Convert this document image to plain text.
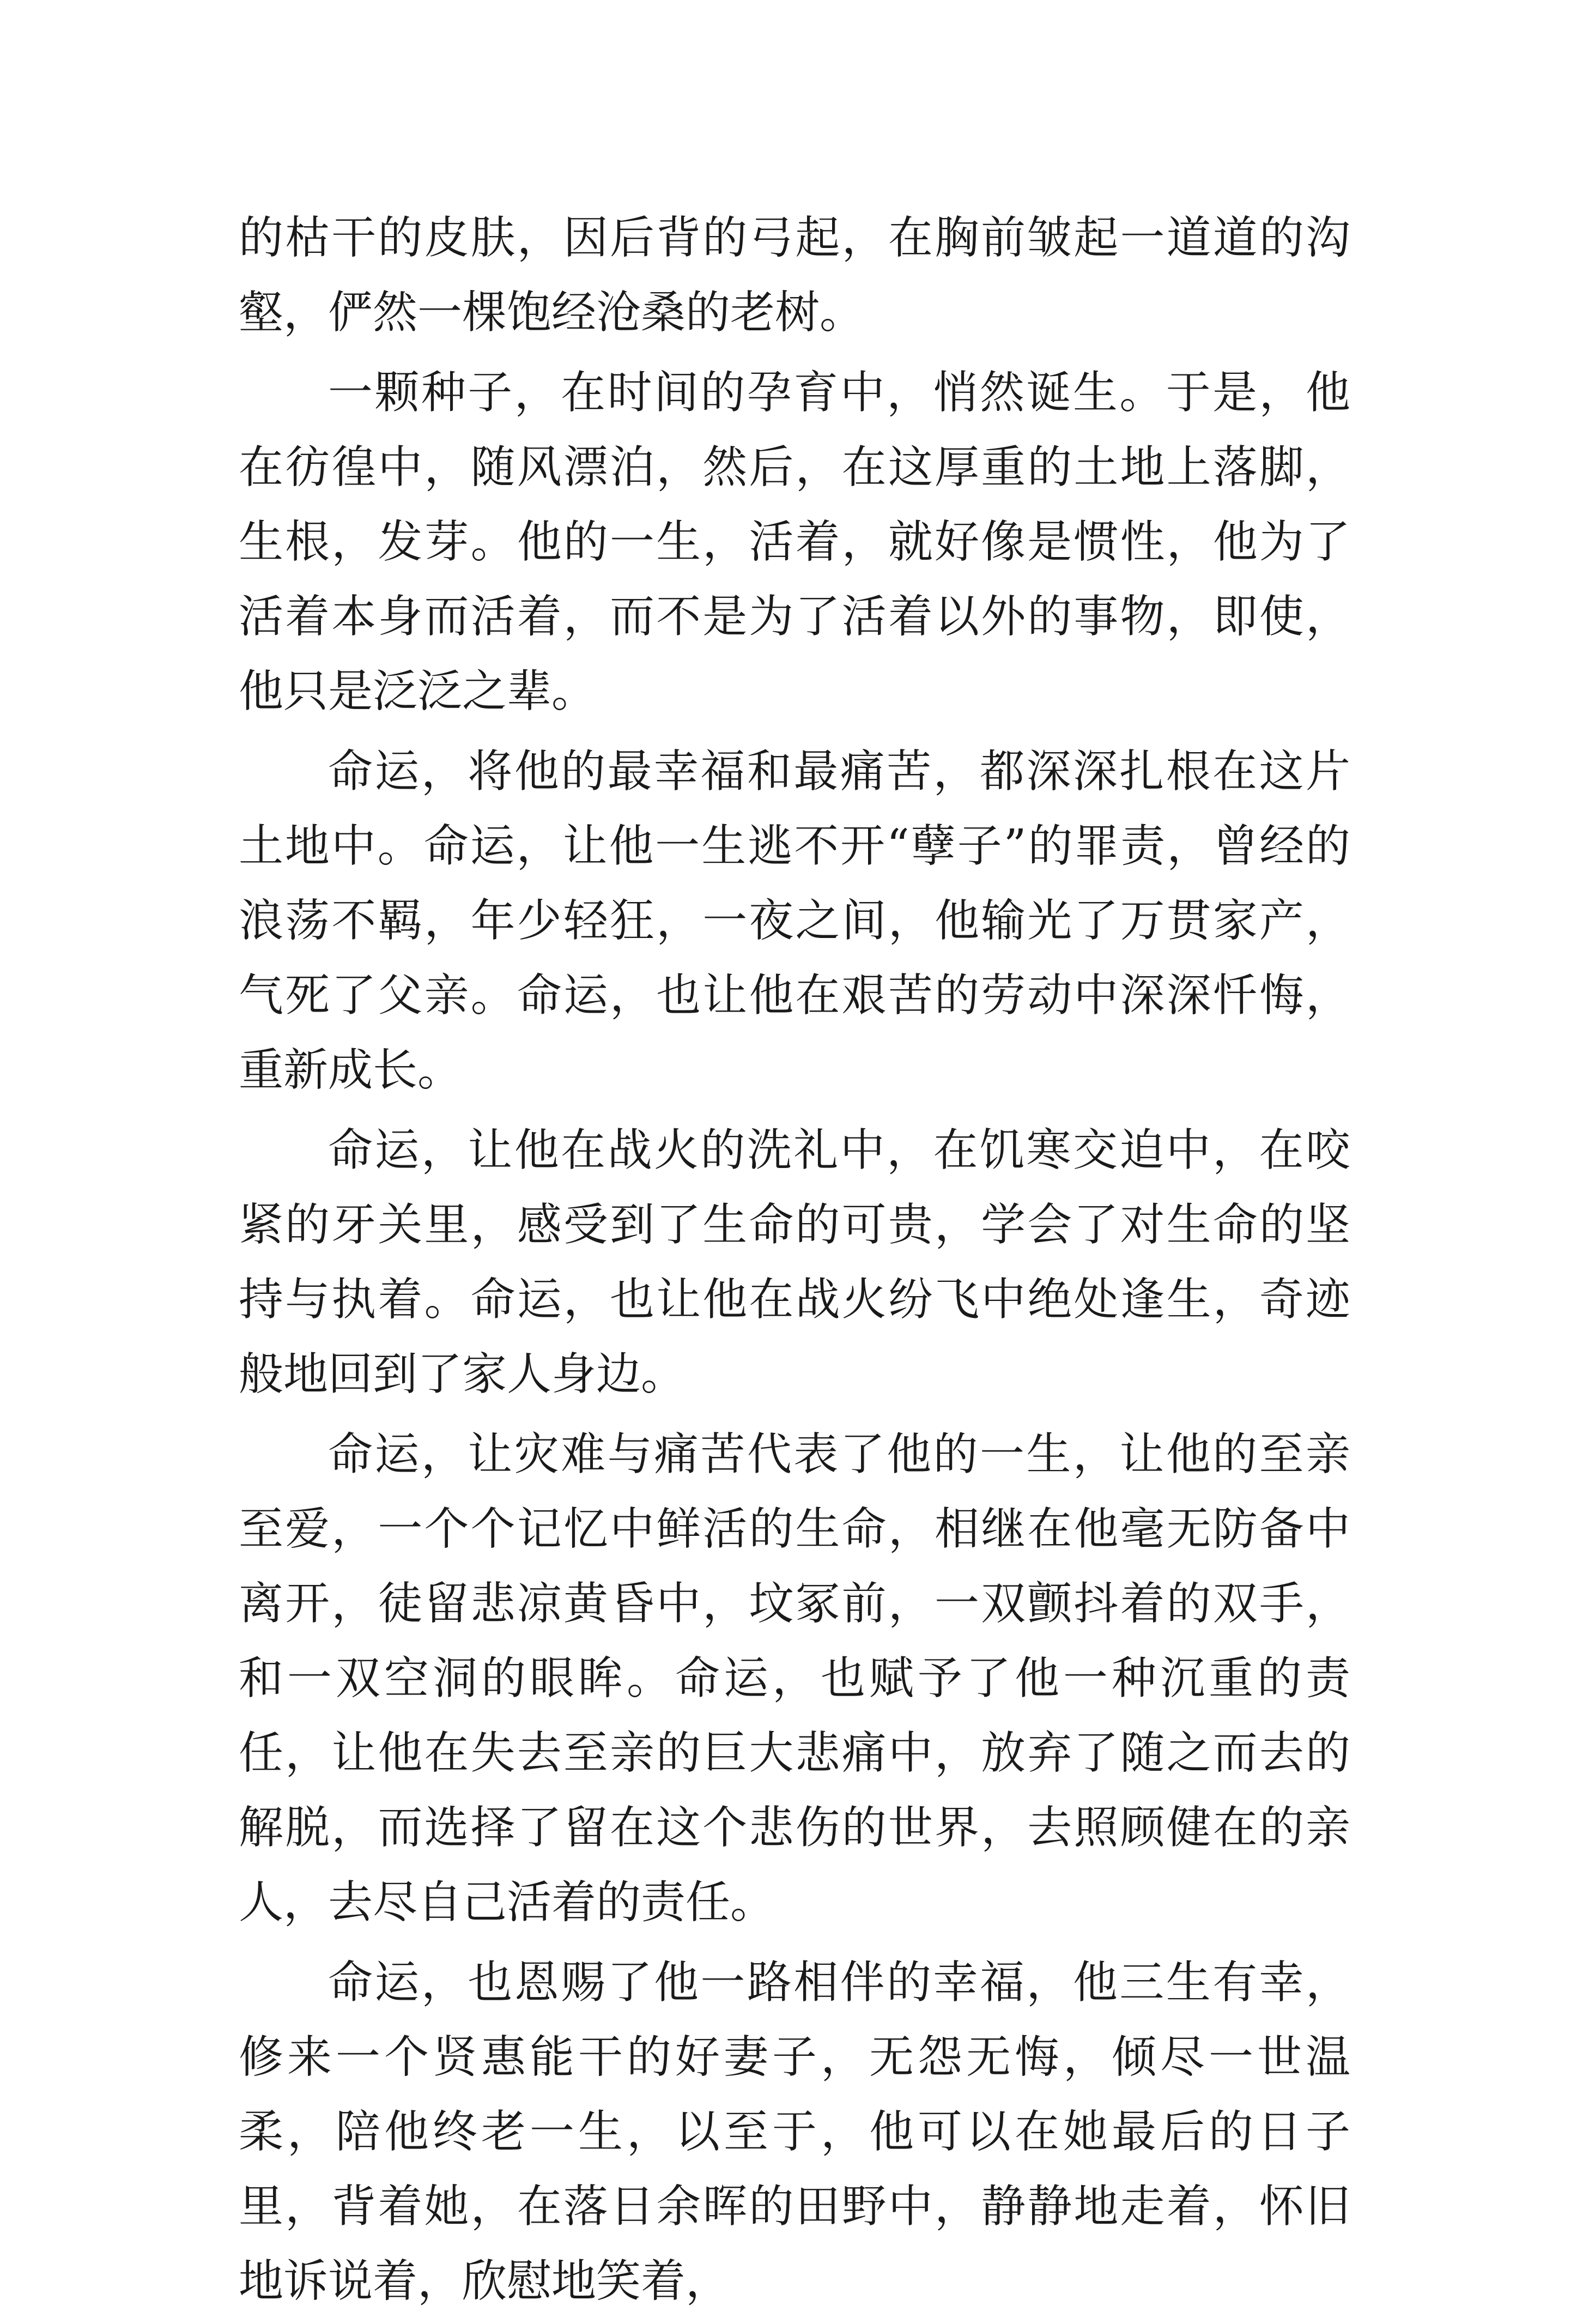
的枯干的皮肤，因后背的弓起，在胸前皱起一道道的沟壑，俨然一棵饱经沧桑的老树。

一颗种子，在时间的孕育中，悄然诞生。于是，他在彷徨中，随风漂泊，然后，在这厚重的土地上落脚，生根，发芽。他的一生，活着，就好像是惯性，他为了活着本身而活着，而不是为了活着以外的事物，即使，他只是泛泛之辈。

命运，将他的最幸福和最痛苦，都深深扎根在这片土地中。命运，让他一生逃不开“孽子”的罪责，曾经的浪荡不羁，年少轻狂，一夜之间，他输光了万贯家产，气死了父亲。命运，也让他在艰苦的劳动中深深忏悔，重新成长。

命运，让他在战火的洗礼中，在饥寒交迫中，在咬紧的牙关里，感受到了生命的可贵，学会了对生命的坚持与执着。命运，也让他在战火纷飞中绝处逢生，奇迹般地回到了家人身边。

命运，让灾难与痛苦代表了他的一生，让他的至亲至爱，一个个记忆中鲜活的生命，相继在他毫无防备中离开，徒留悲凉黄昏中，坟冢前，一双颤抖着的双手，和一双空洞的眼眸。命运，也赋予了他一种沉重的责任，让他在失去至亲的巨大悲痛中，放弃了随之而去的解脱，而选择了留在这个悲伤的世界，去照顾健在的亲人，去尽自己活着的责任。

命运，也恩赐了他一路相伴的幸福，他三生有幸，修来一个贤惠能干的好妻子，无怨无悔，倾尽一世温柔，陪他终老一生，以至于，他可以在她最后的日子里，背着她，在落日余晖的田野中，静静地走着，怀旧地诉说着，欣慰地笑着，
